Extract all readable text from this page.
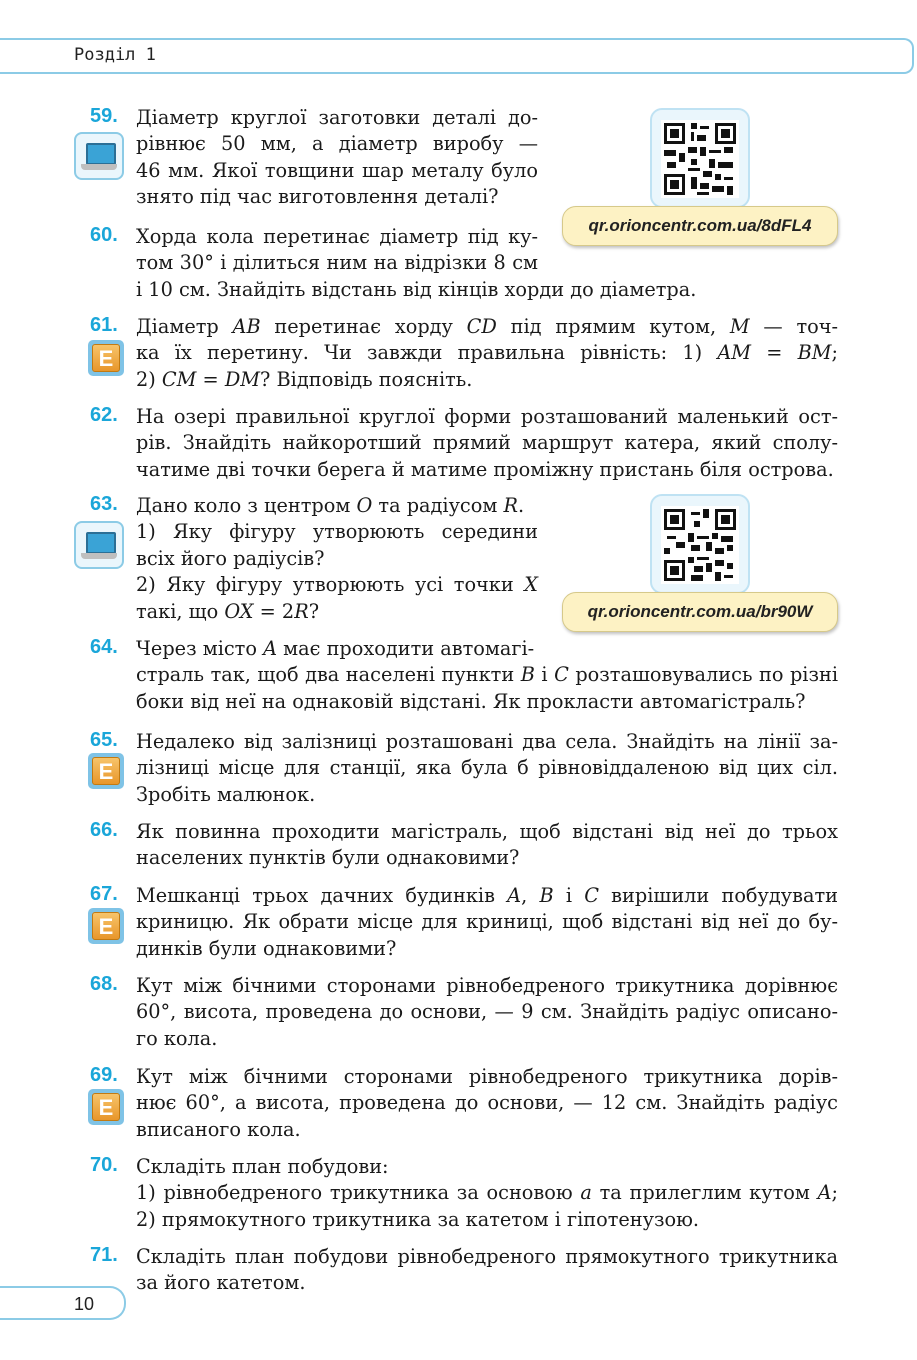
Розділ 1
59. Діаметр круглої заготовки деталі до-
рівнює 50 мм, а діаметр виробу —
46 мм. Якої товщини шар металу було
знято під час виготовлення деталі?
60. Хорда кола перетинає діаметр під ку-
том 30° і ділиться ним на відрізки 8 см
і 10 см. Знайдіть відстань від кінців хорди до діаметра.
61. Діаметр AB перетинає хорду CD під прямим кутом, M — точ-
ка їх перетину. Чи завжди правильна рівність: 1) AM = BM;
2) CM = DM? Відповідь поясніть.
62. На озері правильної круглої форми розташований маленький ост-
рів. Знайдіть найкоротший прямий маршрут катера, який сполу-
чатиме дві точки берега й матиме проміжну пристань біля острова.
63. Дано коло з центром O та радіусом R.
1) Яку фігуру утворюють середини
всіх його радіусів?
2) Яку фігуру утворюють усі точки X
такі, що OX = 2R?
64. Через місто A має проходити автомагі-
страль так, щоб два населені пункти B і C розташовувались по різні
боки від неї на однаковій відстані. Як прокласти автомагістраль?
65. Недалеко від залізниці розташовані два села. Знайдіть на лінії за-
лізниці місце для станції, яка була б рівновіддаленою від цих сіл.
Зробіть малюнок.
66. Як повинна проходити магістраль, щоб відстані від неї до трьох
населених пунктів були однаковими?
67. Мешканці трьох дачних будинків A, B і C вирішили побудувати
криницю. Як обрати місце для криниці, щоб відстані від неї до бу-
динків були однаковими?
68. Кут між бічними сторонами рівнобедреного трикутника дорівнює
60°, висота, проведена до основи, — 9 см. Знайдіть радіус описано-
го кола.
69. Кут між бічними сторонами рівнобедреного трикутника дорів-
нює 60°, а висота, проведена до основи, — 12 см. Знайдіть радіус
вписаного кола.
70. Складіть план побудови:
1) рівнобедреного трикутника за основою a та прилеглим кутом A;
2) прямокутного трикутника за катетом і гіпотенузою.
71. Складіть план побудови рівнобедреного прямокутного трикутника
за його катетом.
E
E
E
E
qr.orioncentr.com.ua/8dFL4
qr.orioncentr.com.ua/br90W
10
